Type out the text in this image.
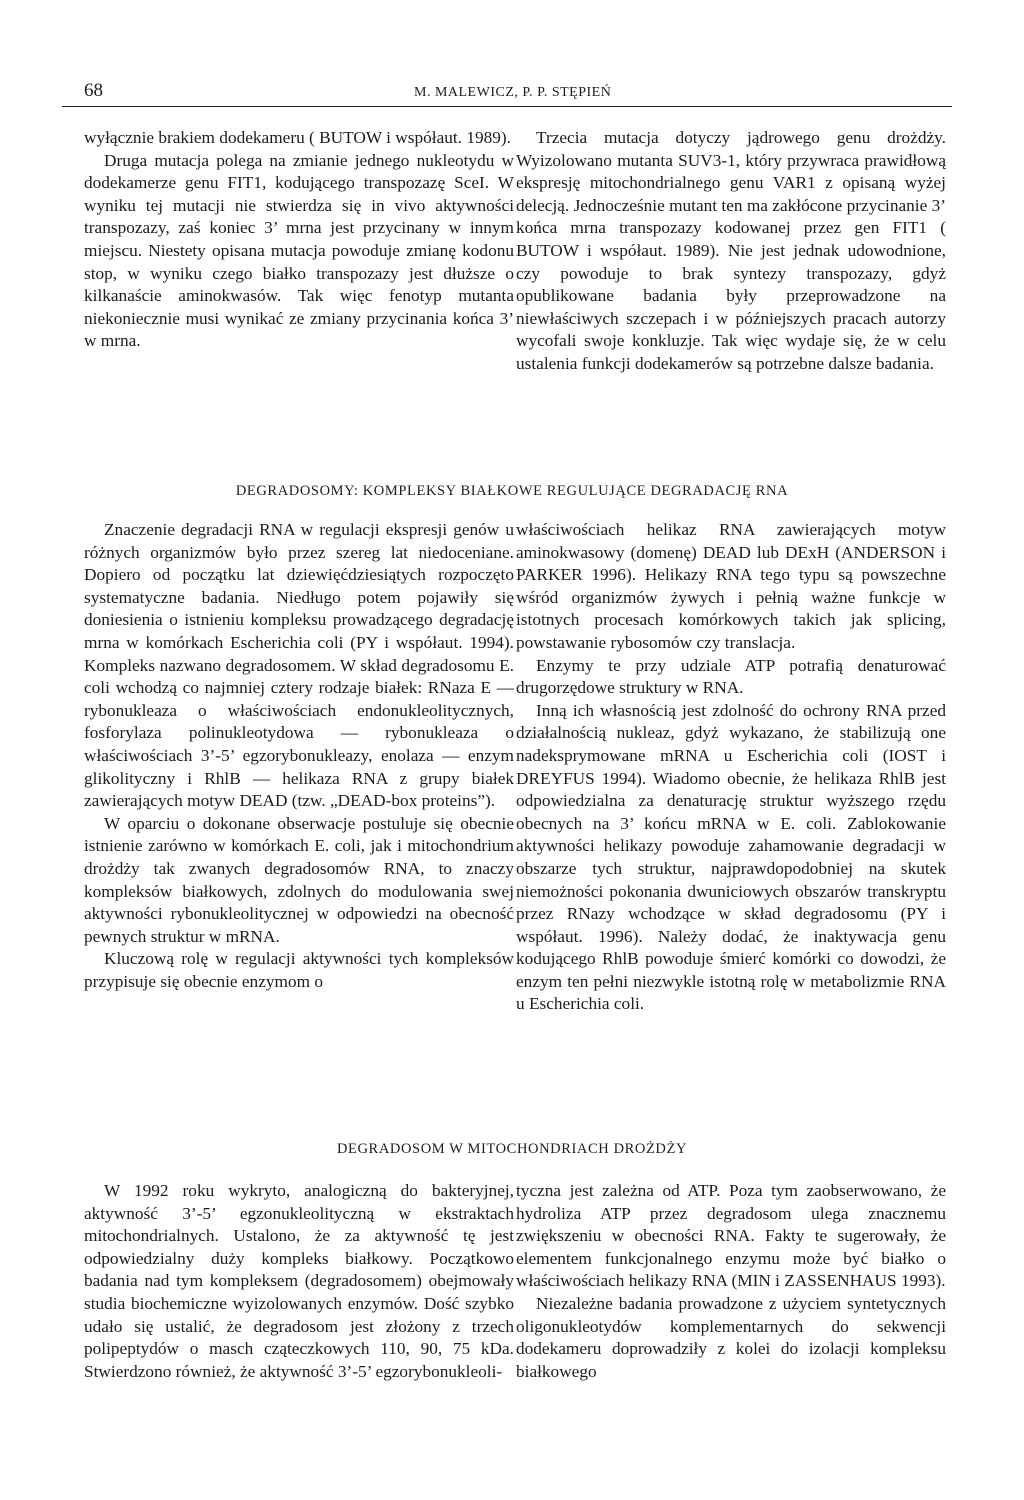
68	M. MALEWICZ, P. P. STĘPIEŃ

wyłącznie brakiem dodekameru ( BUTOW i współaut. 1989).

Druga mutacja polega na zmianie jednego nukleotydu w dodekamerze genu FIT1, kodującego transpozazę SceI. W wyniku tej mutacji nie stwierdza się in vivo aktywności transpozazy, zaś koniec 3’ mrna jest przycinany w innym miejscu. Niestety opisana mutacja powoduje zmianę kodonu stop, w wyniku czego białko transpozazy jest dłuższe o kilkanaście aminokwasów. Tak więc fenotyp mutanta niekoniecznie musi wynikać ze zmiany przycinania końca 3’ w mrna.

Trzecia mutacja dotyczy jądrowego genu drożdży. Wyizolowano mutanta SUV3-1, który przywraca prawidłową ekspresję mitochondrialnego genu VAR1 z opisaną wyżej delecją. Jednocześnie mutant ten ma zakłócone przycinanie 3’ końca mrna transpozazy kodowanej przez gen FIT1 ( BUTOW i współaut. 1989). Nie jest jednak udowodnione, czy powoduje to brak syntezy transpozazy, gdyż opublikowane badania były przeprowadzone na niewłaściwych szczepach i w późniejszych pracach autorzy wycofali swoje konkluzje. Tak więc wydaje się, że w celu ustalenia funkcji dodekamerów są potrzebne dalsze badania.

DEGRADOSOMY: KOMPLEKSY BIAŁKOWE REGULUJĄCE DEGRADACJĘ RNA

Znaczenie degradacji RNA w regulacji ekspresji genów u różnych organizmów było przez szereg lat niedoceniane. Dopiero od początku lat dziewięćdziesiątych rozpoczęto systematyczne badania. Niedługo potem pojawiły się doniesienia o istnieniu kompleksu prowadzącego degradację mrna w komórkach Escherichia coli (PY i współaut. 1994). Kompleks nazwano degradosomem. W skład degradosomu E. coli wchodzą co najmniej cztery rodzaje białek: RNaza E — rybonukleaza o właściwościach endonukleolitycznych, fosforylaza polinukleotydowa — rybonukleaza o właściwościach 3’-5’ egzorybonukleazy, enolaza — enzym glikolityczny i RhlB — helikaza RNA z grupy białek zawierających motyw DEAD (tzw. „DEAD-box proteins”).

W oparciu o dokonane obserwacje postuluje się obecnie istnienie zarówno w komórkach E. coli, jak i mitochondrium drożdży tak zwanych degradosomów RNA, to znaczy kompleksów białkowych, zdolnych do modulowania swej aktywności rybonukleolitycznej w odpowiedzi na obecność pewnych struktur w mRNA.

Kluczową rolę w regulacji aktywności tych kompleksów przypisuje się obecnie enzymom o

właściwościach helikaz RNA zawierających motyw aminokwasowy (domenę) DEAD lub DExH (ANDERSON i PARKER 1996). Helikazy RNA tego typu są powszechne wśród organizmów żywych i pełnią ważne funkcje w istotnych procesach komórkowych takich jak splicing, powstawanie rybosomów czy translacja.

Enzymy te przy udziale ATP potrafią denaturować drugorzędowe struktury w RNA.

Inną ich własnością jest zdolność do ochrony RNA przed działalnością nukleaz, gdyż wykazano, że stabilizują one nadeksprymowane mRNA u Escherichia coli (IOST i DREYFUS 1994). Wiadomo obecnie, że helikaza RhlB jest odpowiedzialna za denaturację struktur wyższego rzędu obecnych na 3’ końcu mRNA w E. coli. Zablokowanie aktywności helikazy powoduje zahamowanie degradacji w obszarze tych struktur, najprawdopodobniej na skutek niemożności pokonania dwuniciowych obszarów transkryptu przez RNazy wchodzące w skład degradosomu (PY i współaut. 1996). Należy dodać, że inaktywacja genu kodującego RhlB powoduje śmierć komórki co dowodzi, że enzym ten pełni niezwykle istotną rolę w metabolizmie RNA u Escherichia coli.

DEGRADOSOM W MITOCHONDRIACH DROŻDŻY

W 1992 roku wykryto, analogiczną do bakteryjnej, aktywność 3’-5’ egzonukleolityczną w ekstraktach mitochondrialnych. Ustalono, że za aktywność tę jest odpowiedzialny duży kompleks białkowy. Początkowo badania nad tym kompleksem (degradosomem) obejmowały studia biochemiczne wyizolowanych enzymów. Dość szybko udało się ustalić, że degradosom jest złożony z trzech polipeptydów o masch cząteczkowych 110, 90, 75 kDa. Stwierdzono również, że aktywność 3’-5’ egzorybonukleoli-

tyczna jest zależna od ATP. Poza tym zaobserwowano, że hydroliza ATP przez degradosom ulega znacznemu zwiększeniu w obecności RNA. Fakty te sugerowały, że elementem funkcjonalnego enzymu może być białko o właściwościach helikazy RNA (MIN i ZASSENHAUS 1993).

Niezależne badania prowadzone z użyciem syntetycznych oligonukleotydów komplementarnych do sekwencji dodekameru doprowadziły z kolei do izolacji kompleksu białkowego
